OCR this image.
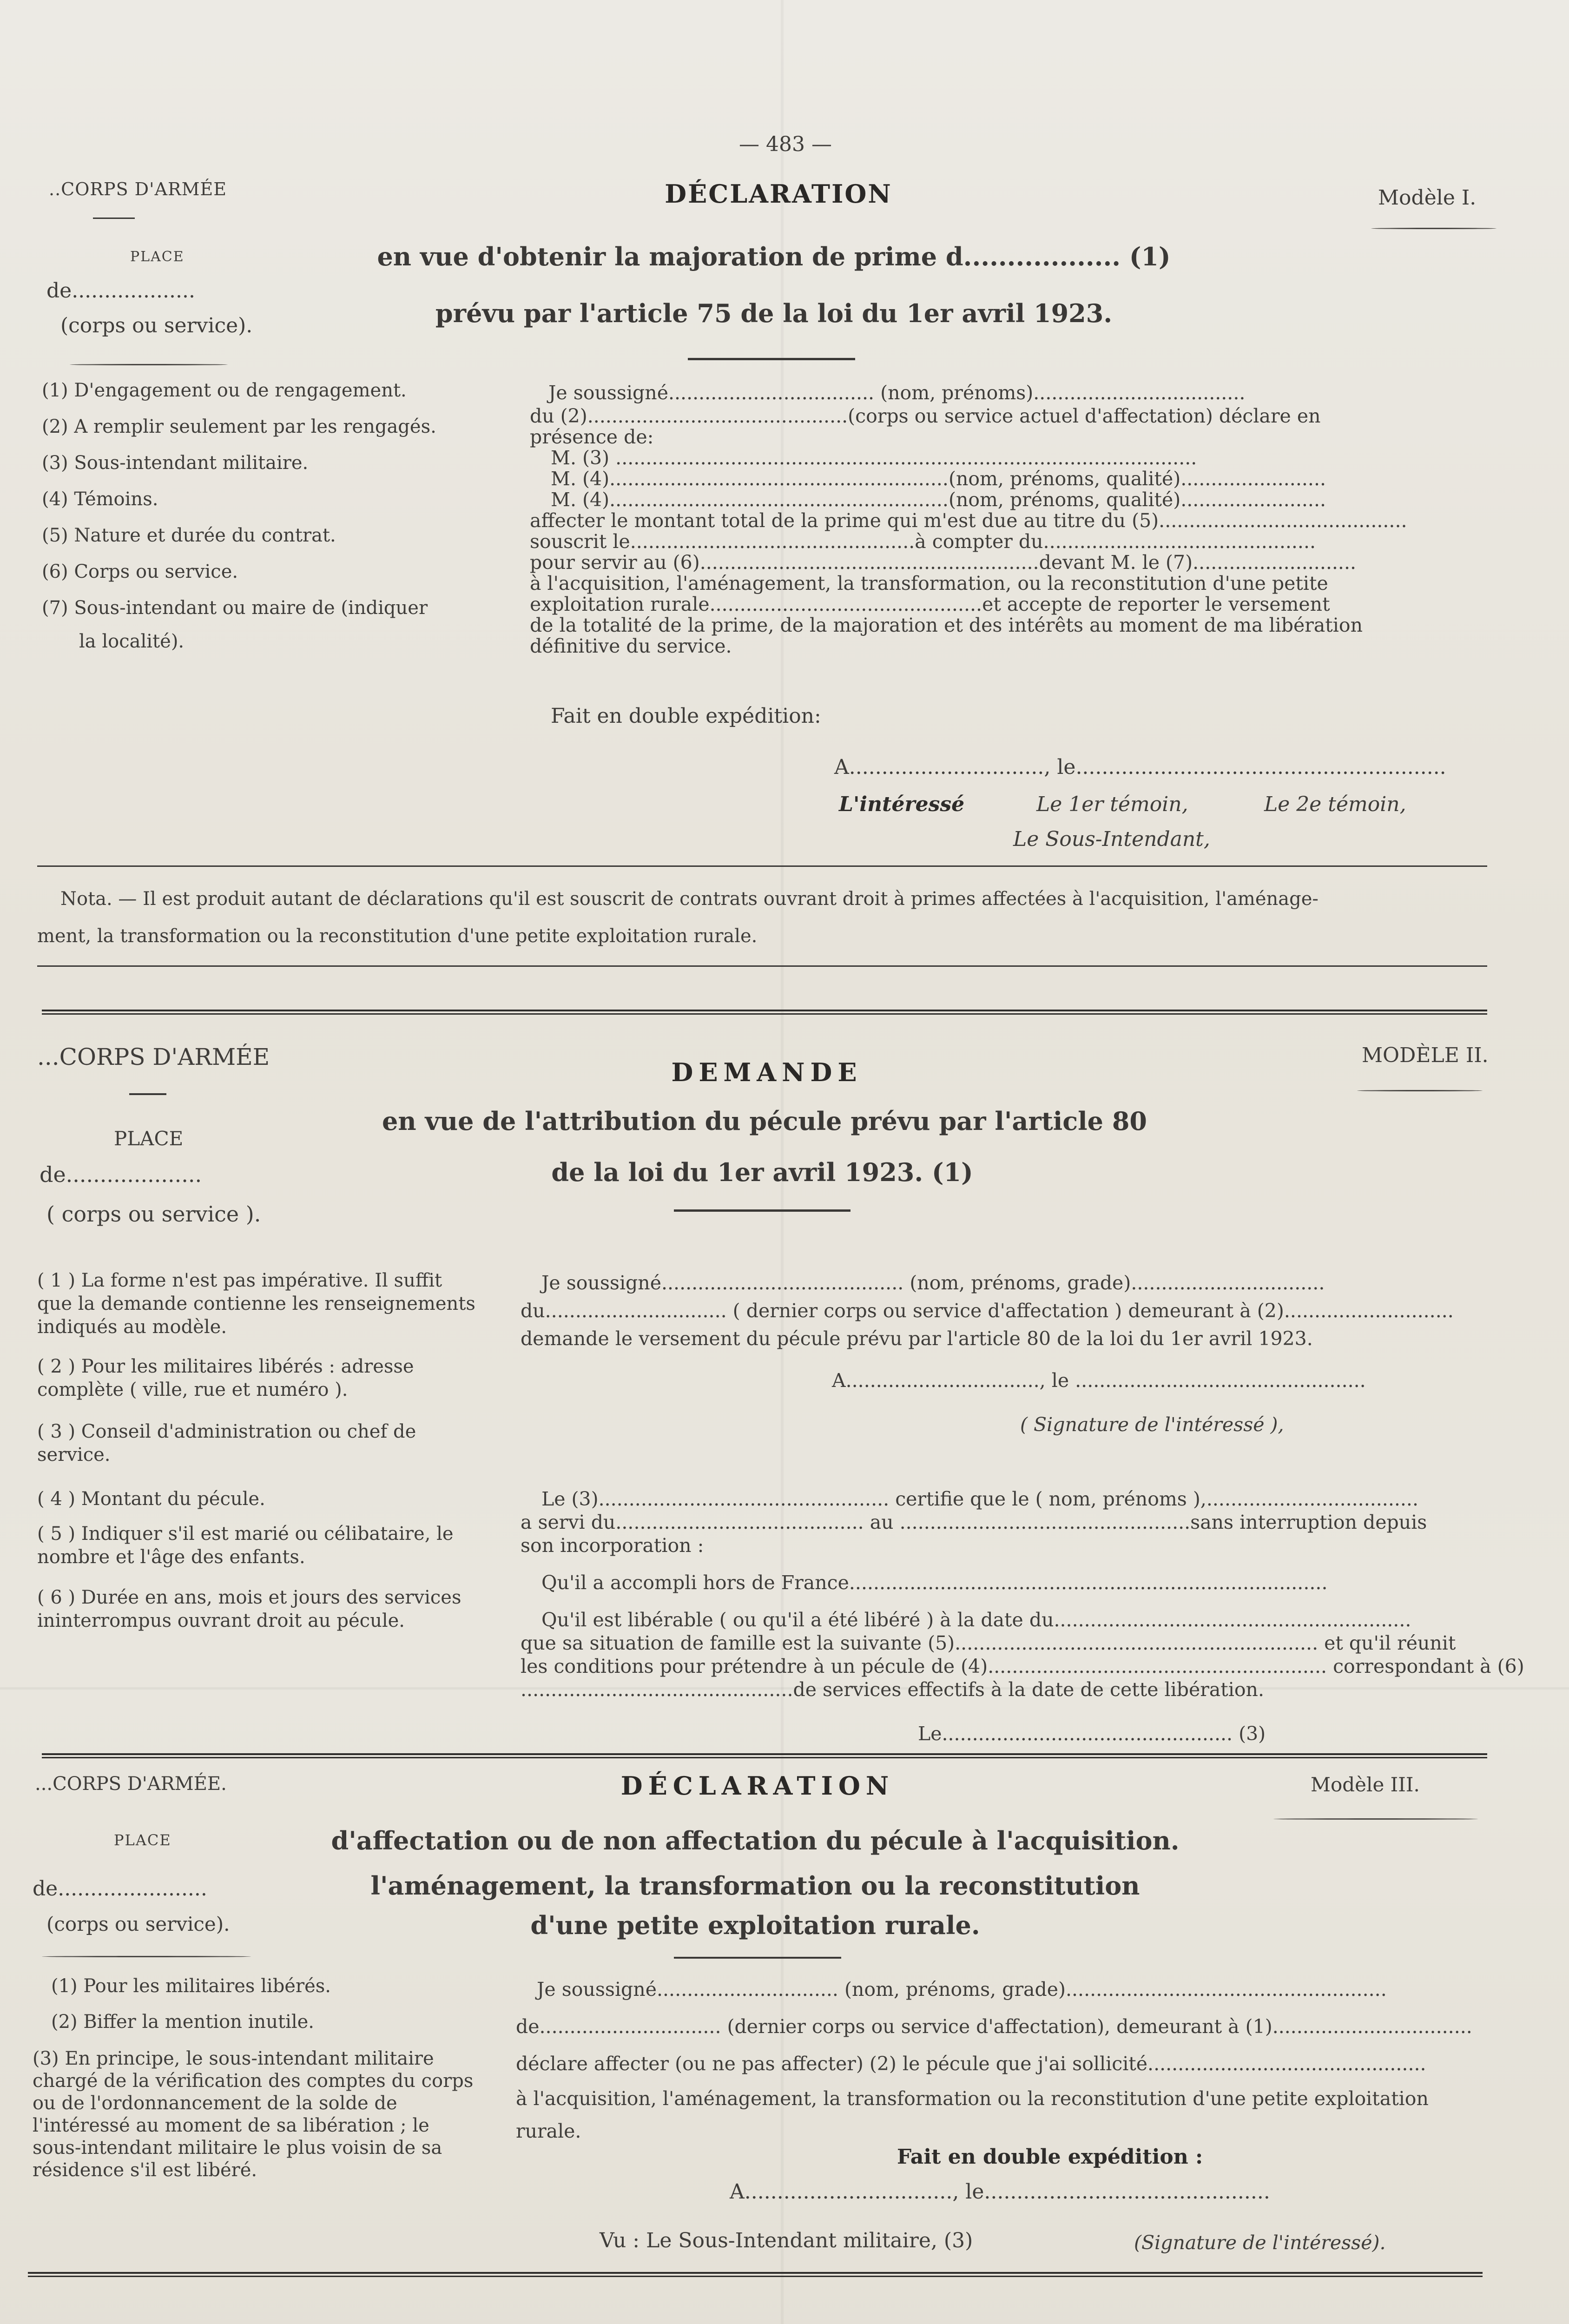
— 483 —
..CORPS D'ARMÉE
PLACE
de...................
(corps ou service).
Modèle I.
DÉCLARATION
en vue d'obtenir la majoration de prime d.................. (1)
prévu par l'article 75 de la loi du 1er avril 1923.
(1) D'engagement ou de rengagement.
(2) A remplir seulement par les rengagés.
(3) Sous-intendant militaire.
(4) Témoins.
(5) Nature et durée du contrat.
(6) Corps ou service.
(7) Sous-intendant ou maire de (indiquer
la localité).
Je soussigné.................................. (nom, prénoms)...................................
du (2)...........................................(corps ou service actuel d'affectation) déclare en
présence de:
M. (3) ................................................................................................
M. (4)........................................................(nom, prénoms, qualité)........................
M. (4)........................................................(nom, prénoms, qualité)........................
affecter le montant total de la prime qui m'est due au titre du (5).........................................
souscrit le...............................................à compter du.............................................
pour servir au (6)........................................................devant M. le (7)...........................
à l'acquisition, l'aménagement, la transformation, ou la reconstitution d'une petite
exploitation rurale.............................................et accepte de reporter le versement
de la totalité de la prime, de la majoration et des intérêts au moment de ma libération
définitive du service.
Fait en double expédition:
A.............................., le.........................................................
L'intéressé	Le 1er témoin,	Le 2e témoin,
Le Sous-Intendant,
Nota. — Il est produit autant de déclarations qu'il est souscrit de contrats ouvrant droit à primes affectées à l'acquisition, l'aménage-
ment, la transformation ou la reconstitution d'une petite exploitation rurale.
...CORPS D'ARMÉE
PLACE
de....................
( corps ou service ).
MODÈLE II.
DEMANDE
en vue de l'attribution du pécule prévu par l'article 80
de la loi du 1er avril 1923. (1)
( 1 ) La forme n'est pas impérative. Il suffit que la demande contienne les renseignements indiqués au modèle.
( 2 ) Pour les militaires libérés : adresse complète ( ville, rue et numéro ).
( 3 ) Conseil d'administration ou chef de service.
( 4 ) Montant du pécule.
( 5 ) Indiquer s'il est marié ou célibataire, le nombre et l'âge des enfants.
( 6 ) Durée en ans, mois et jours des services ininterrompus ouvrant droit au pécule.
Je soussigné........................................ (nom, prénoms, grade)................................
du.............................. ( dernier corps ou service d'affectation ) demeurant à (2)............................
demande le versement du pécule prévu par l'article 80 de la loi du 1er avril 1923.
A................................, le ................................................
( Signature de l'intéressé ),
Le (3)................................................ certifie que le ( nom, prénoms ),...................................
a servi du......................................... au ................................................sans interruption depuis
son incorporation :
Qu'il a accompli hors de France...............................................................................
Qu'il est libérable ( ou qu'il a été libéré ) à la date du...........................................................
que sa situation de famille est la suivante (5)............................................................ et qu'il réunit
les conditions pour prétendre à un pécule de (4)........................................................ correspondant à (6)
.............................................de services effectifs à la date de cette libération.
Le................................................ (3)
...CORPS D'ARMÉE.
PLACE
de.......................
(corps ou service).
Modèle III.
DÉCLARATION
d'affectation ou de non affectation du pécule à l'acquisition.
l'aménagement, la transformation ou la reconstitution
d'une petite exploitation rurale.
(1) Pour les militaires libérés.
(2) Biffer la mention inutile.
(3) En principe, le sous-intendant militaire chargé de la vérification des comptes du corps ou de l'ordonnancement de la solde de l'intéressé au moment de sa libération ; le sous-intendant militaire le plus voisin de sa résidence s'il est libéré.
Je soussigné.............................. (nom, prénoms, grade).....................................................
de.............................. (dernier corps ou service d'affectation), demeurant à (1).................................
déclare affecter (ou ne pas affecter) (2) le pécule que j'ai sollicité..............................................
à l'acquisition, l'aménagement, la transformation ou la reconstitution d'une petite exploitation
rurale.
Fait en double expédition :
A................................, le............................................
Vu : Le Sous-Intendant militaire, (3)	(Signature de l'intéressé).
